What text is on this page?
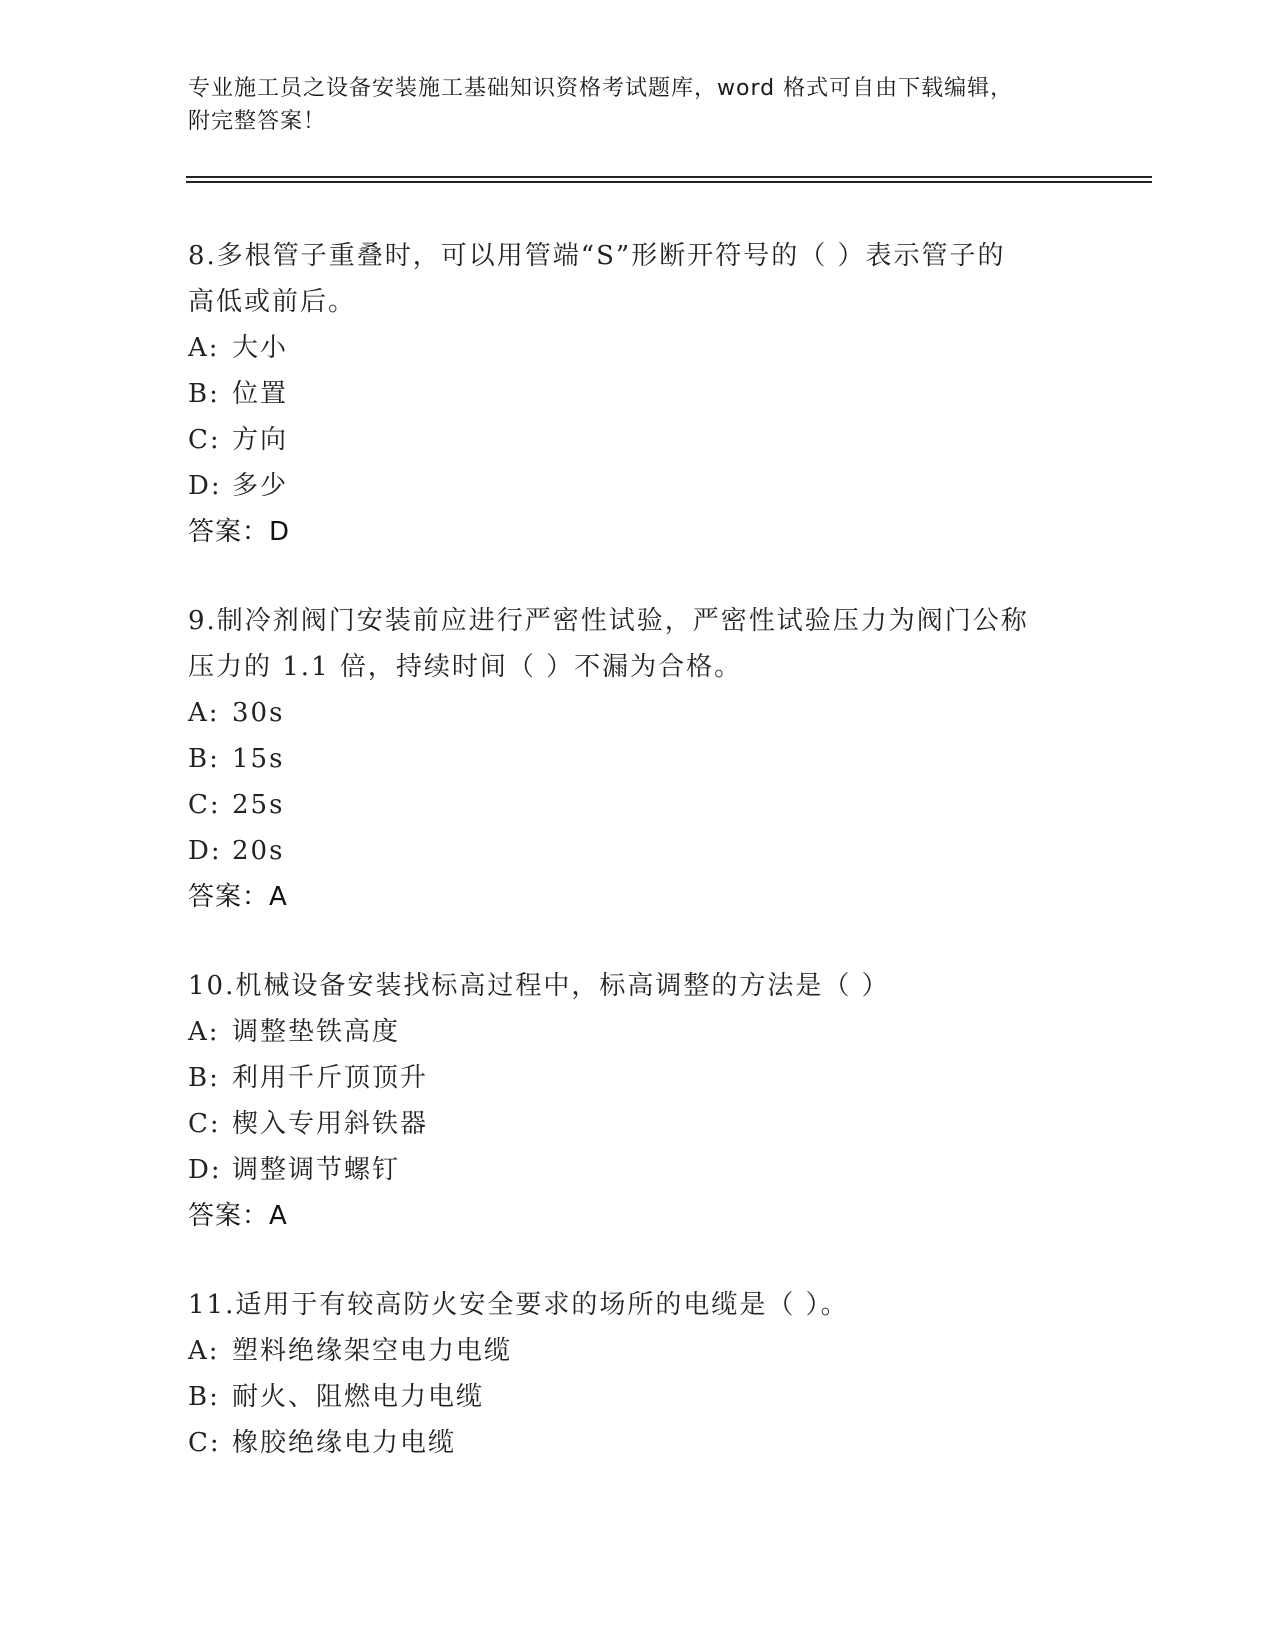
专业施工员之设备安装施工基础知识资格考试题库，word 格式可自由下载编辑，
附完整答案！
8.多根管子重叠时，可以用管端“S”形断开符号的（ ）表示管子的
高低或前后。
A: 大小
B: 位置
C: 方向
D: 多少
答案：D
9.制冷剂阀门安装前应进行严密性试验，严密性试验压力为阀门公称
压力的 1.1 倍，持续时间（ ）不漏为合格。
A: 30s
B: 15s
C: 25s
D: 20s
答案：A
10.机械设备安装找标高过程中，标高调整的方法是（ ）
A: 调整垫铁高度
B: 利用千斤顶顶升
C: 楔入专用斜铁器
D: 调整调节螺钉
答案：A
11.适用于有较高防火安全要求的场所的电缆是（ ）。
A: 塑料绝缘架空电力电缆
B: 耐火、阻燃电力电缆
C: 橡胶绝缘电力电缆
